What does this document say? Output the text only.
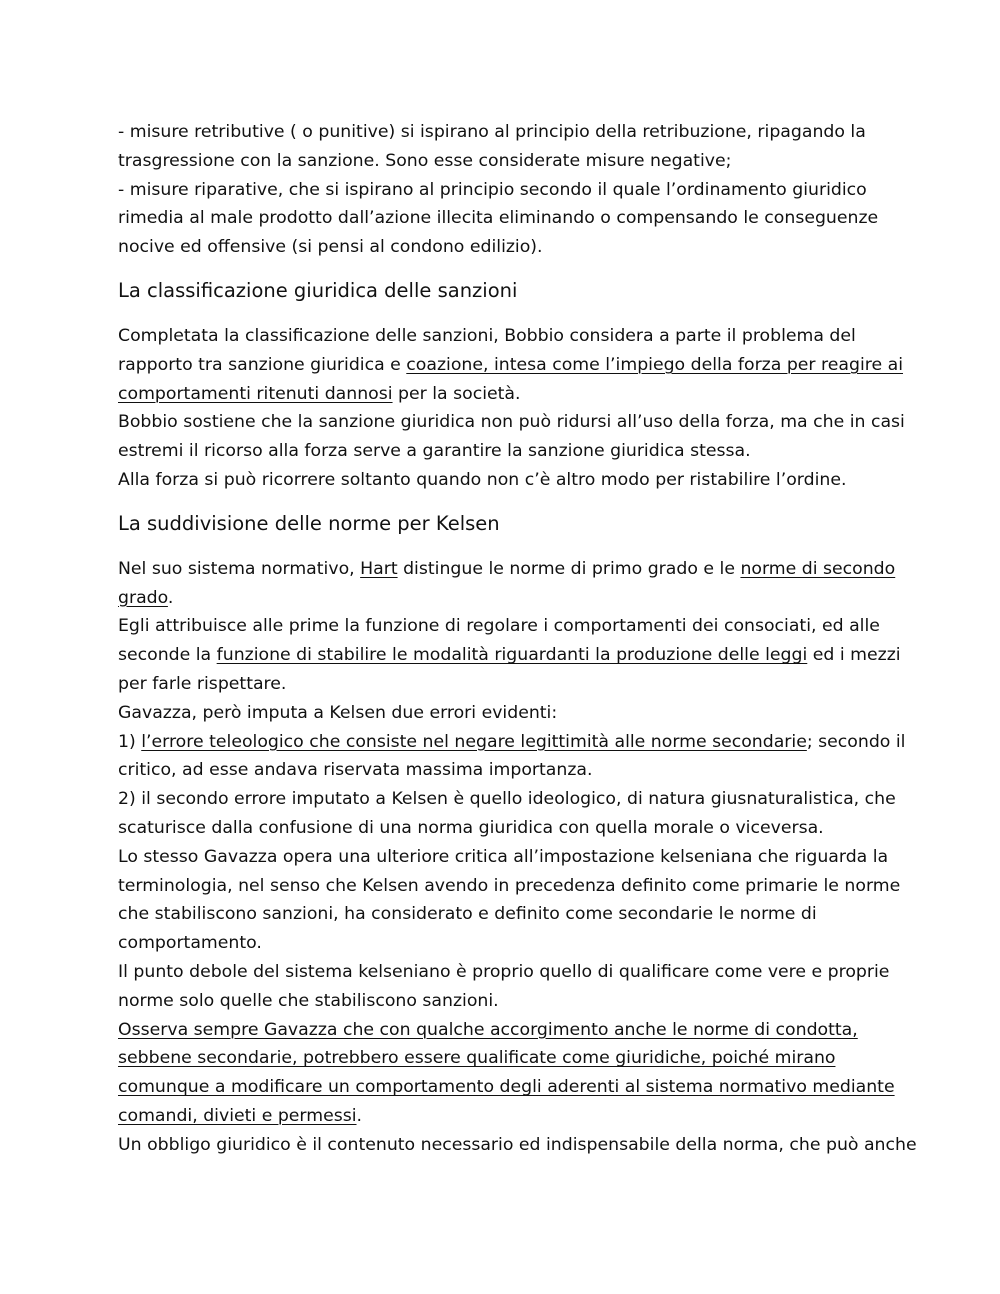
- misure retributive ( o punitive) si ispirano al principio della retribuzione, ripagando la
trasgressione con la sanzione. Sono esse considerate misure negative;
- misure riparative, che si ispirano al principio secondo il quale l’ordinamento giuridico
rimedia al male prodotto dall’azione illecita eliminando o compensando le conseguenze
nocive ed offensive (si pensi al condono edilizio).

La classificazione giuridica delle sanzioni

Completata la classificazione delle sanzioni, Bobbio considera a parte il problema del
rapporto tra sanzione giuridica e coazione, intesa come l’impiego della forza per reagire ai
comportamenti ritenuti dannosi per la società.
Bobbio sostiene che la sanzione giuridica non può ridursi all’uso della forza, ma che in casi
estremi il ricorso alla forza serve a garantire la sanzione giuridica stessa.
Alla forza si può ricorrere soltanto quando non c’è altro modo per ristabilire l’ordine.

La suddivisione delle norme per Kelsen

Nel suo sistema normativo, Hart distingue le norme di primo grado e le norme di secondo
grado.
Egli attribuisce alle prime la funzione di regolare i comportamenti dei consociati, ed alle
seconde la funzione di stabilire le modalità riguardanti la produzione delle leggi ed i mezzi
per farle rispettare.
Gavazza, però imputa a Kelsen due errori evidenti:
1) l’errore teleologico che consiste nel negare legittimità alle norme secondarie; secondo il
critico, ad esse andava riservata massima importanza.
2) il secondo errore imputato a Kelsen è quello ideologico, di natura giusnaturalistica, che
scaturisce dalla confusione di una norma giuridica con quella morale o viceversa.
Lo stesso Gavazza opera una ulteriore critica all’impostazione kelseniana che riguarda la
terminologia, nel senso che Kelsen avendo in precedenza definito come primarie le norme
che stabiliscono sanzioni, ha considerato e definito come secondarie le norme di
comportamento.
Il punto debole del sistema kelseniano è proprio quello di qualificare come vere e proprie
norme solo quelle che stabiliscono sanzioni.
Osserva sempre Gavazza che con qualche accorgimento anche le norme di condotta,
sebbene secondarie, potrebbero essere qualificate come giuridiche, poiché mirano
comunque a modificare un comportamento degli aderenti al sistema normativo mediante
comandi, divieti e permessi.
Un obbligo giuridico è il contenuto necessario ed indispensabile della norma, che può anche
